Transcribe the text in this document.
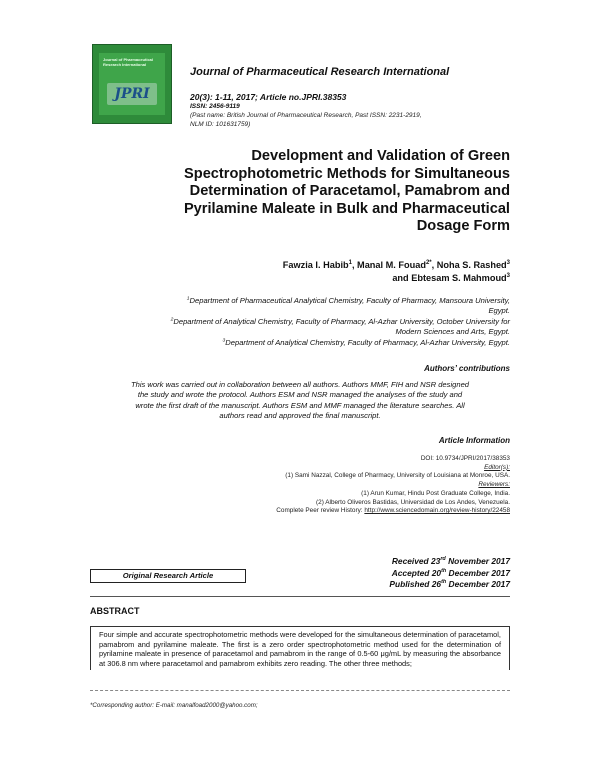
Journal of Pharmaceutical Research International
JPRI
Journal of Pharmaceutical Research International
20(3): 1-11, 2017; Article no.JPRI.38353
ISSN: 2456-9119
(Past name: British Journal of Pharmaceutical Research, Past ISSN: 2231-2919,
NLM ID: 101631759)
Development and Validation of Green
Spectrophotometric Methods for Simultaneous
Determination of Paracetamol, Pamabrom and
Pyrilamine Maleate in Bulk and Pharmaceutical
Dosage Form
Fawzia I. Habib$^1$, Manal M. Fouad$^{2*}$, Noha S. Rashed$^3$
and Ebtesam S. Mahmoud$^3$
$^1$Department of Pharmaceutical Analytical Chemistry, Faculty of Pharmacy, Mansoura University,
Egypt.
$^2$Department of Analytical Chemistry, Faculty of Pharmacy, Al-Azhar University, October University for
Modern Sciences and Arts, Egypt.
$^3$Department of Analytical Chemistry, Faculty of Pharmacy, Al-Azhar University, Egypt.
Authors’ contributions
This work was carried out in collaboration between all authors. Authors MMF, FIH and NSR designed
the study and wrote the protocol. Authors ESM and NSR managed the analyses of the study and
wrote the first draft of the manuscript. Authors ESM and MMF managed the literature searches. All
authors read and approved the final manuscript.
Article Information
DOI: 10.9734/JPRI/2017/38353
Editor(s):
(1) Sami Nazzal, College of Pharmacy, University of Louisiana at Monroe, USA.
Reviewers:
(1) Arun Kumar, Hindu Post Graduate College, India.
(2) Alberto Oliveros Bastidas, Universidad de Los Andes, Venezuela.
Complete Peer review History: http://www.sciencedomain.org/review-history/22458
Received 23rd November 2017
Accepted 20th December 2017
Published 26th December 2017
Original Research Article
ABSTRACT
Four simple and accurate spectrophotometric methods were developed for the simultaneous determination of paracetamol, pamabrom and pyrilamine maleate. The first is a zero order spectrophotometric method used for the determination of pyrilamine maleate in presence of paracetamol and pamabrom in the range of 0.5-60 μg/mL by measuring the absorbance at 306.8 nm where paracetamol and pamabrom exhibits zero reading. The other three methods;
*Corresponding author: E-mail: manalfoad2000@yahoo.com;
